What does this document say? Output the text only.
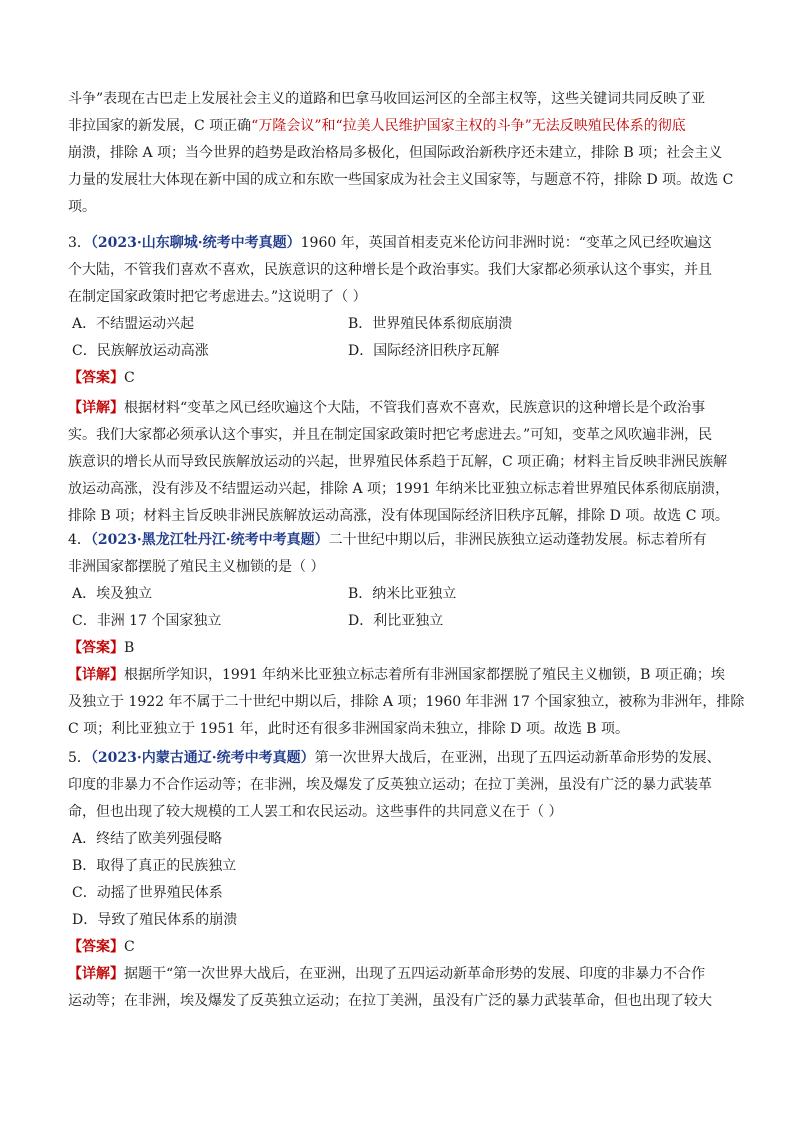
斗争”表现在古巴走上发展社会主义的道路和巴拿马收回运河区的全部主权等，这些关键词共同反映了亚
非拉国家的新发展，C 项正确“万隆会议”和“拉美人民维护国家主权的斗争”无法反映殖民体系的彻底
崩溃，排除 A 项；当今世界的趋势是政治格局多极化，但国际政治新秩序还未建立，排除 B 项；社会主义
力量的发展壮大体现在新中国的成立和东欧一些国家成为社会主义国家等，与题意不符，排除 D 项。故选 C
项。
3．（2023·山东聊城·统考中考真题）1960 年，英国首相麦克米伦访问非洲时说：“变革之风已经吹遍这
个大陆，不管我们喜欢不喜欢，民族意识的这种增长是个政治事实。我们大家都必须承认这个事实，并且
在制定国家政策时把它考虑进去。”这说明了（ ）
A．不结盟运动兴起	B．世界殖民体系彻底崩溃
C．民族解放运动高涨	D．国际经济旧秩序瓦解
【答案】C
【详解】根据材料“变革之风已经吹遍这个大陆，不管我们喜欢不喜欢，民族意识的这种增长是个政治事
实。我们大家都必须承认这个事实，并且在制定国家政策时把它考虑进去。”可知，变革之风吹遍非洲，民
族意识的增长从而导致民族解放运动的兴起，世界殖民体系趋于瓦解，C 项正确；材料主旨反映非洲民族解
放运动高涨，没有涉及不结盟运动兴起，排除 A 项；1991 年纳米比亚独立标志着世界殖民体系彻底崩溃，
排除 B 项；材料主旨反映非洲民族解放运动高涨，没有体现国际经济旧秩序瓦解，排除 D 项。故选 C 项。
4．（2023·黑龙江牡丹江·统考中考真题）二十世纪中期以后，非洲民族独立运动蓬勃发展。标志着所有
非洲国家都摆脱了殖民主义枷锁的是（ ）
A．埃及独立	B．纳米比亚独立
C．非洲 17 个国家独立	D．利比亚独立
【答案】B
【详解】根据所学知识，1991 年纳米比亚独立标志着所有非洲国家都摆脱了殖民主义枷锁，B 项正确；埃
及独立于 1922 年不属于二十世纪中期以后，排除 A 项；1960 年非洲 17 个国家独立，被称为非洲年，排除
C 项；利比亚独立于 1951 年，此时还有很多非洲国家尚未独立，排除 D 项。故选 B 项。
5．（2023·内蒙古通辽·统考中考真题）第一次世界大战后，在亚洲，出现了五四运动新革命形势的发展、
印度的非暴力不合作运动等；在非洲，埃及爆发了反英独立运动；在拉丁美洲，虽没有广泛的暴力武装革
命，但也出现了较大规模的工人罢工和农民运动。这些事件的共同意义在于（ ）
A．终结了欧美列强侵略
B．取得了真正的民族独立
C．动摇了世界殖民体系
D．导致了殖民体系的崩溃
【答案】C
【详解】据题干“第一次世界大战后，在亚洲，出现了五四运动新革命形势的发展、印度的非暴力不合作
运动等；在非洲，埃及爆发了反英独立运动；在拉丁美洲，虽没有广泛的暴力武装革命，但也出现了较大
